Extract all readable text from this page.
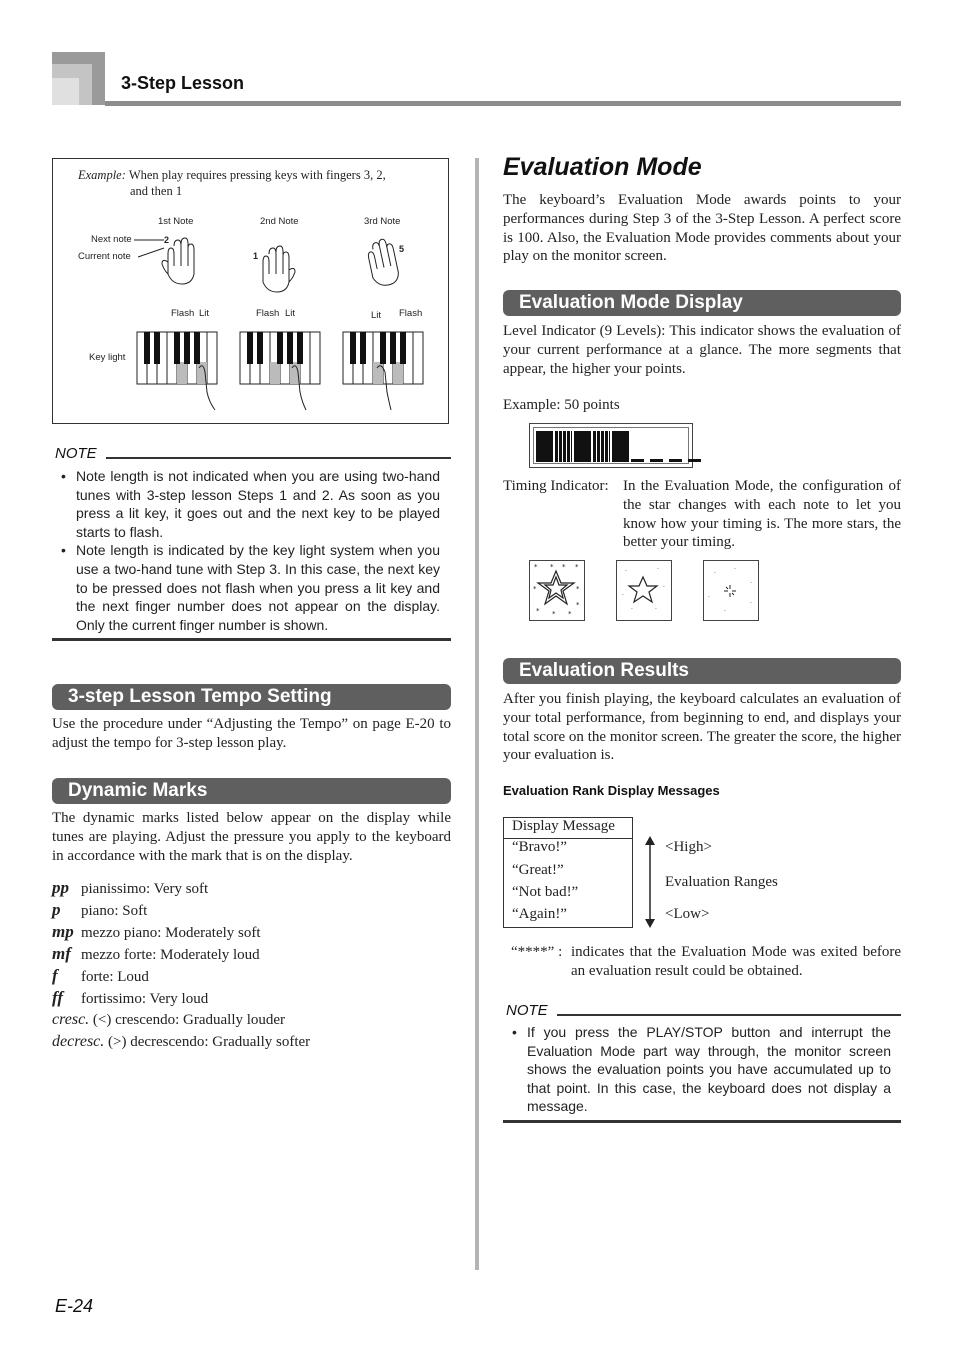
3-Step Lesson
Example: When play requires pressing keys with fingers 3, 2,
and then 1
1st Note	2nd Note	3rd Note
Next note
Current note
Key light
Flash Lit	Flash Lit	Lit Flash
2
1
5
NOTE
• Note length is not indicated when you are using two-hand tunes with 3-step lesson Steps 1 and 2. As soon as you press a lit key, it goes out and the next key to be played starts to flash.
• Note length is indicated by the key light system when you use a two-hand tune with Step 3. In this case, the next key to be pressed does not flash when you press a lit key and the next finger number does not appear on the display. Only the current finger number is shown.
3-step Lesson Tempo Setting
Use the procedure under “Adjusting the Tempo” on page E-20 to adjust the tempo for 3-step lesson play.
Dynamic Marks
The dynamic marks listed below appear on the display while tunes are playing. Adjust the pressure you apply to the keyboard in accordance with the mark that is on the display.
pp pianissimo: Very soft
p piano: Soft
mp mezzo piano: Moderately soft
mf mezzo forte: Moderately loud
f forte: Loud
ff fortissimo: Very loud
cresc. (<) crescendo: Gradually louder
decresc. (>) decrescendo: Gradually softer
Evaluation Mode
The keyboard’s Evaluation Mode awards points to your performances during Step 3 of the 3-Step Lesson. A perfect score is 100. Also, the Evaluation Mode provides comments about your play on the monitor screen.
Evaluation Mode Display
Level Indicator (9 Levels): This indicator shows the evaluation of your current performance at a glance. The more segments that appear, the higher your points.
Example: 50 points
Timing Indicator: In the Evaluation Mode, the configuration of the star changes with each note to let you know how your timing is. The more stars, the better your timing.
* * * *
*	*
* * *
*
·	·
·
·
·	·
·
·
·
·
·
·
Evaluation Results
After you finish playing, the keyboard calculates an evaluation of your total performance, from beginning to end, and displays your total score on the monitor screen. The greater the score, the higher your evaluation is.
Evaluation Rank Display Messages
Display Message
“Bravo!”
“Great!”
“Not bad!”
“Again!”
<High>
Evaluation Ranges
<Low>
“****” : indicates that the Evaluation Mode was exited before an evaluation result could be obtained.
NOTE
• If you press the PLAY/STOP button and interrupt the Evaluation Mode part way through, the monitor screen shows the evaluation points you have accumulated up to that point. In this case, the keyboard does not display a message.
E-24
